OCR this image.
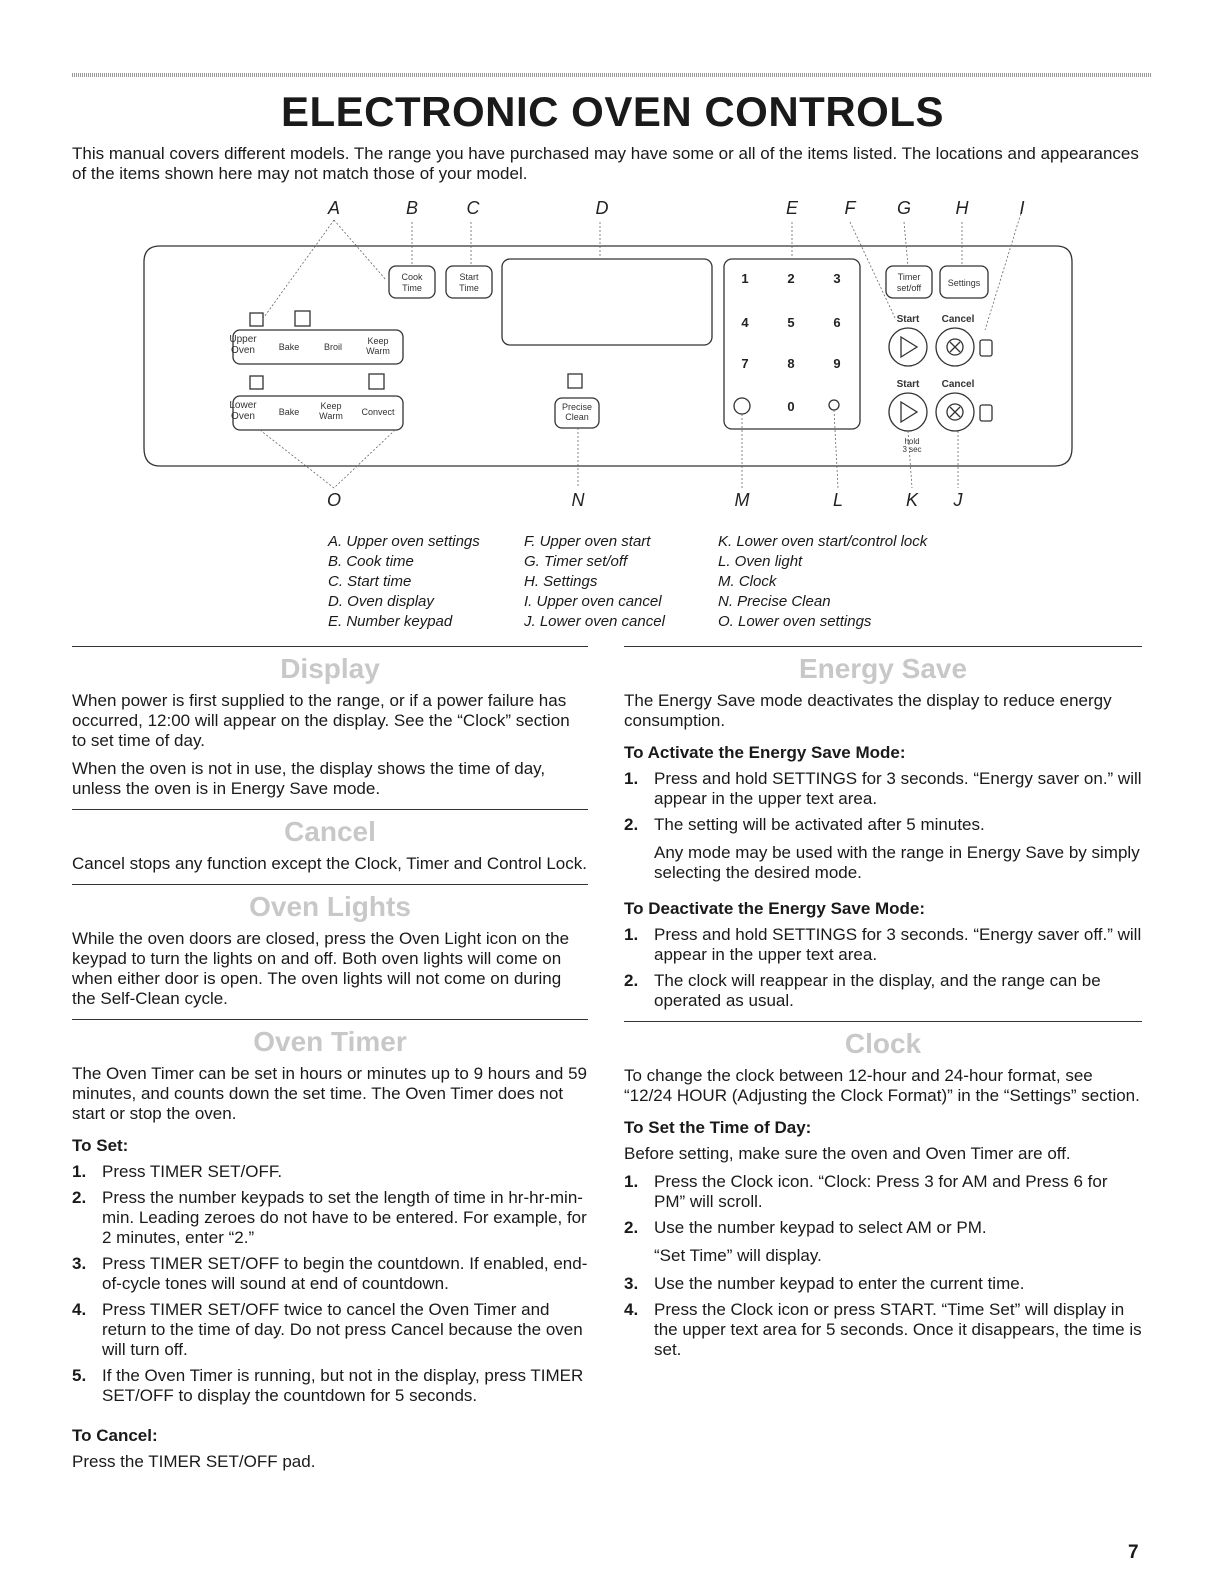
ELECTRONIC OVEN CONTROLS

This manual covers different models. The range you have purchased may have some or all of the items listed. The locations and appearances of the items shown here may not match those of your model.

A	B	C	D	E	F G H	I
O	N	M	L	K J
Cook
Time
Start
Time
Timer
set/off	Settings
Upper
Oven
Lower
Oven
Bake	Broil
Keep
Warm
Bake
Keep
Warm Convect	Precise
Clean
Start Cancel
Start Cancel
hold
3 sec
1	2	3
4	5	6
7	8	9
0
A. Upper oven settings
B. Cook time
C. Start time
D. Oven display
E. Number keypad
F. Upper oven start
G. Timer set/off
H. Settings
I. Upper oven cancel
J. Lower oven cancel
K. Lower oven start/control lock
L. Oven light
M. Clock
N. Precise Clean
O. Lower oven settings
Display

When power is first supplied to the range, or if a power failure has occurred, 12:00 will appear on the display. See the “Clock” section to set time of day.

When the oven is not in use, the display shows the time of day, unless the oven is in Energy Save mode.

Cancel

Cancel stops any function except the Clock, Timer and Control Lock.

Oven Lights

While the oven doors are closed, press the Oven Light icon on the keypad to turn the lights on and off. Both oven lights will come on when either door is open. The oven lights will not come on during the Self-Clean cycle.

Oven Timer

The Oven Timer can be set in hours or minutes up to 9 hours and 59 minutes, and counts down the set time. The Oven Timer does not start or stop the oven.

To Set:
1. Press TIMER SET/OFF.
2. Press the number keypads to set the length of time in hr-hr-min-min. Leading zeroes do not have to be entered. For example, for 2 minutes, enter “2.”
3. Press TIMER SET/OFF to begin the countdown. If enabled, end-of-cycle tones will sound at end of countdown.
4. Press TIMER SET/OFF twice to cancel the Oven Timer and return to the time of day. Do not press Cancel because the oven will turn off.
5. If the Oven Timer is running, but not in the display, press TIMER SET/OFF to display the countdown for 5 seconds.
To Cancel:

Press the TIMER SET/OFF pad.

Energy Save

The Energy Save mode deactivates the display to reduce energy consumption.

To Activate the Energy Save Mode:
1. Press and hold SETTINGS for 3 seconds. “Energy saver on.” will appear in the upper text area.
2. The setting will be activated after 5 minutes.

Any mode may be used with the range in Energy Save by simply selecting the desired mode.

To Deactivate the Energy Save Mode:
1. Press and hold SETTINGS for 3 seconds. “Energy saver off.” will appear in the upper text area.
2. The clock will reappear in the display, and the range can be operated as usual.
Clock

To change the clock between 12-hour and 24-hour format, see “12/24 HOUR (Adjusting the Clock Format)” in the “Settings” section.

To Set the Time of Day:

Before setting, make sure the oven and Oven Timer are off.

1. Press the Clock icon. “Clock: Press 3 for AM and Press 6 for PM” will scroll.
2. Use the number keypad to select AM or PM.

“Set Time” will display.

3. Use the number keypad to enter the current time.
4. Press the Clock icon or press START. “Time Set” will display in the upper text area for 5 seconds. Once it disappears, the time is set.
7
